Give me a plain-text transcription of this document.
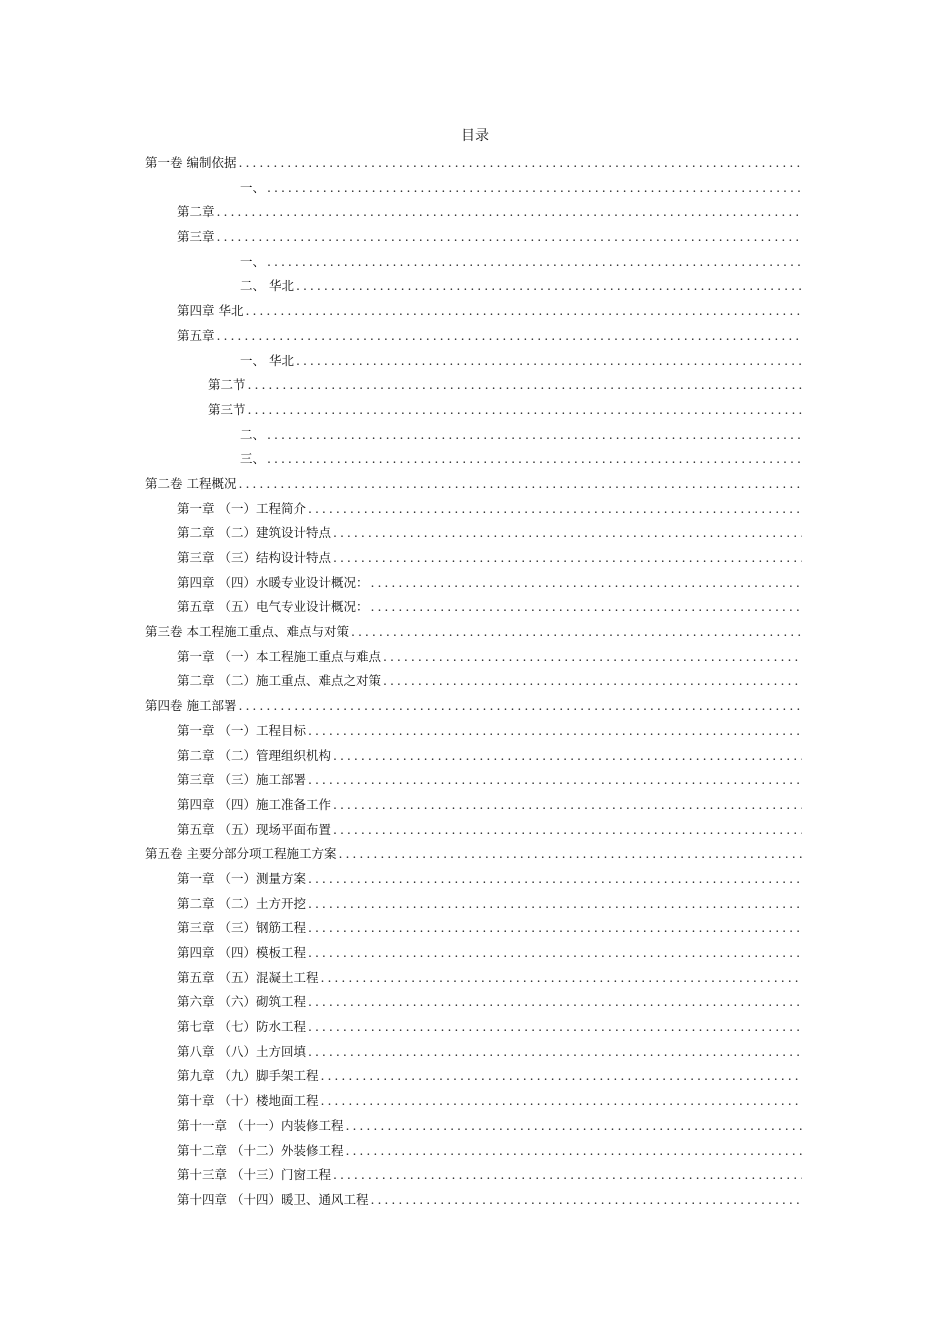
目录
第一卷 编制依据
.....
一、
.....
第二章
.....
第三章
.....
一、
.....
二、 华北
.....
第四章 华北
.....
第五章
.....
一、 华北
.....
第二节
.....
第三节
.....
二、
.....
三、
.....
第二卷 工程概况
.....
第一章 （一）工程简介
.....
第二章 （二）建筑设计特点
.....
第三章 （三）结构设计特点
.....
第四章 （四）水暖专业设计概况：
.....
第五章 （五）电气专业设计概况：
.....
第三卷 本工程施工重点、难点与对策
.....
第一章 （一）本工程施工重点与难点
.....
第二章 （二）施工重点、难点之对策
.....
第四卷 施工部署
.....
第一章 （一）工程目标
.....
第二章 （二）管理组织机构
.....
第三章 （三）施工部署
.....
第四章 （四）施工准备工作
.....
第五章 （五）现场平面布置
.....
第五卷 主要分部分项工程施工方案
.....
第一章 （一）测量方案
.....
第二章 （二）土方开挖
.....
第三章 （三）钢筋工程
.....
第四章 （四）模板工程
.....
第五章 （五）混凝土工程
.....
第六章 （六）砌筑工程
.....
第七章 （七）防水工程
.....
第八章 （八）土方回填
.....
第九章 （九）脚手架工程
.....
第十章 （十）楼地面工程
.....
第十一章 （十一）内装修工程
.....
第十二章 （十二）外装修工程
.....
第十三章 （十三）门窗工程
.....
第十四章 （十四）暖卫、通风工程
.....
